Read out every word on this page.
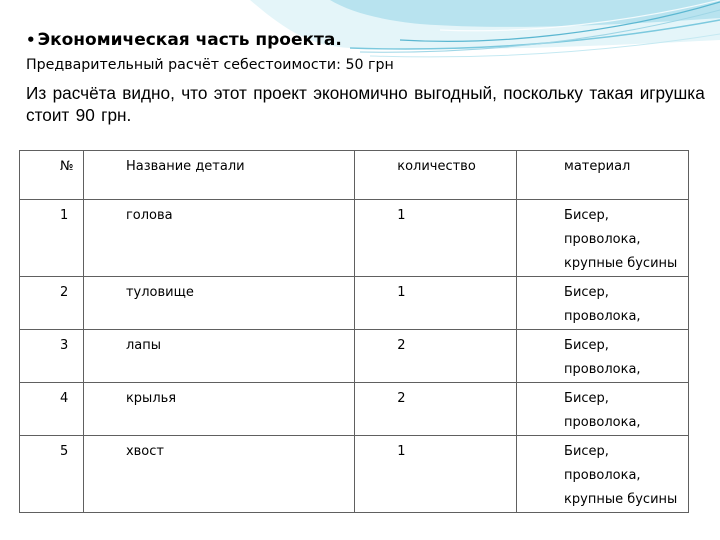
• Экономическая часть проекта.
Предварительный расчёт себестоимости: 50 грн
Из расчёта видно, что этот проект экономично выгодный, поскольку такая игрушка стоит 90 грн.
№	Название детали	количество	материал
1	голова	1	Бисер,
проволока,
крупные бусины

2	туловище	1	Бисер,
проволока,

3	лапы	2	Бисер,
проволока,

4	крылья	2	Бисер,
проволока,

5	хвост	1	Бисер,
проволока,
крупные бусины
